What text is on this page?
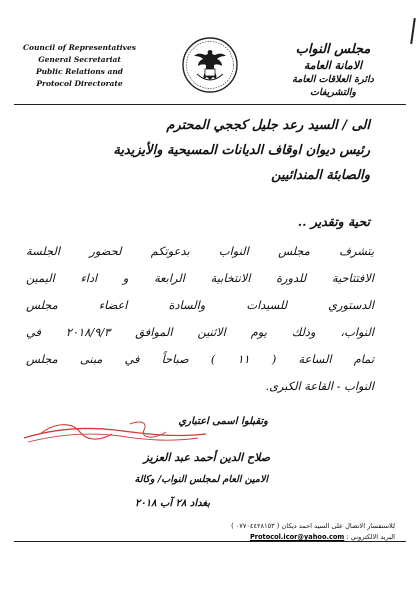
مجلس النواب
الامانة العامة
دائرة العلاقات العامة والتشريفات
Council of Representatives
General Secretariat
Public Relations and Protocol Directorate
الى / السيد رعد جليل كججي المحترم
رئيس ديوان اوقاف الديانات المسيحية والأيزيدية
والصابئة المندائيين
تحية وتقدير ..
يتشرف مجلس النواب بدعوتكم لحضور الجلسة
الافتتاحية للدورة الانتخابية الرابعة و اداء اليمين
الدستوري للسيدات والسادة اعضاء مجلس
النواب، وذلك يوم الاثنين الموافق ٢٠١٨/٩/٣ في
تمام الساعة ( ١١ ) صباحاً في مبنى مجلس
النواب - القاعة الكبرى.
وتقبلوا اسمى اعتباري
صلاح الدين أحمد عبد العزيز
الامين العام لمجلس النواب/ وكالة
بغداد ٢٨ آب ٢٠١٨
للاستفسار الاتصال على السيد احمد ديكان ( ٠٧٧٠٤٤٢٨١٥٣ )
البريد الالكتروني : Protocol.icor@yahoo.com
